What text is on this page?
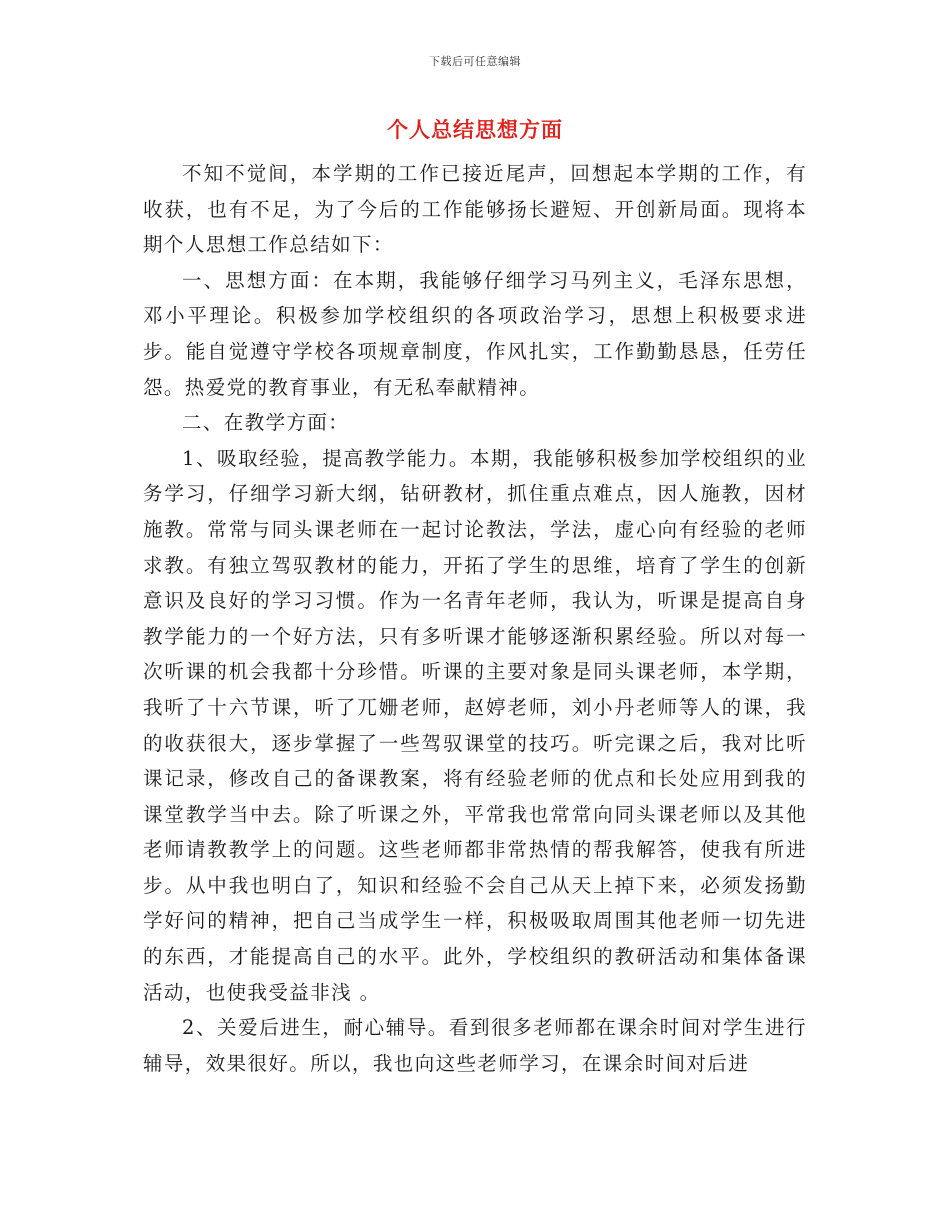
下载后可任意编辑
个人总结思想方面

不知不觉间，本学期的工作已接近尾声，回想起本学期的工作，有收获，也有不足，为了今后的工作能够扬长避短、开创新局面。现将本期个人思想工作总结如下：

一、思想方面：在本期，我能够仔细学习马列主义，毛泽东思想，邓小平理论。积极参加学校组织的各项政治学习，思想上积极要求进步。能自觉遵守学校各项规章制度，作风扎实，工作勤勤恳恳，任劳任怨。热爱党的教育事业，有无私奉献精神。

二、在教学方面：

1、吸取经验，提高教学能力。本期，我能够积极参加学校组织的业务学习，仔细学习新大纲，钻研教材，抓住重点难点，因人施教，因材施教。常常与同头课老师在一起讨论教法，学法，虚心向有经验的老师求教。有独立驾驭教材的能力，开拓了学生的思维，培育了学生的创新意识及良好的学习习惯。作为一名青年老师，我认为，听课是提高自身教学能力的一个好方法，只有多听课才能够逐渐积累经验。所以对每一次听课的机会我都十分珍惜。听课的主要对象是同头课老师，本学期，我听了十六节课，听了兀姗老师，赵婷老师，刘小丹老师等人的课，我的收获很大，逐步掌握了一些驾驭课堂的技巧。听完课之后，我对比听课记录，修改自己的备课教案，将有经验老师的优点和长处应用到我的课堂教学当中去。除了听课之外，平常我也常常向同头课老师以及其他老师请教教学上的问题。这些老师都非常热情的帮我解答，使我有所进步。从中我也明白了，知识和经验不会自己从天上掉下来，必须发扬勤学好问的精神，把自己当成学生一样，积极吸取周围其他老师一切先进的东西，才能提高自己的水平。此外，学校组织的教研活动和集体备课活动，也使我受益非浅 。

2、关爱后进生，耐心辅导。看到很多老师都在课余时间对学生进行辅导，效果很好。所以，我也向这些老师学习，在课余时间对后进
